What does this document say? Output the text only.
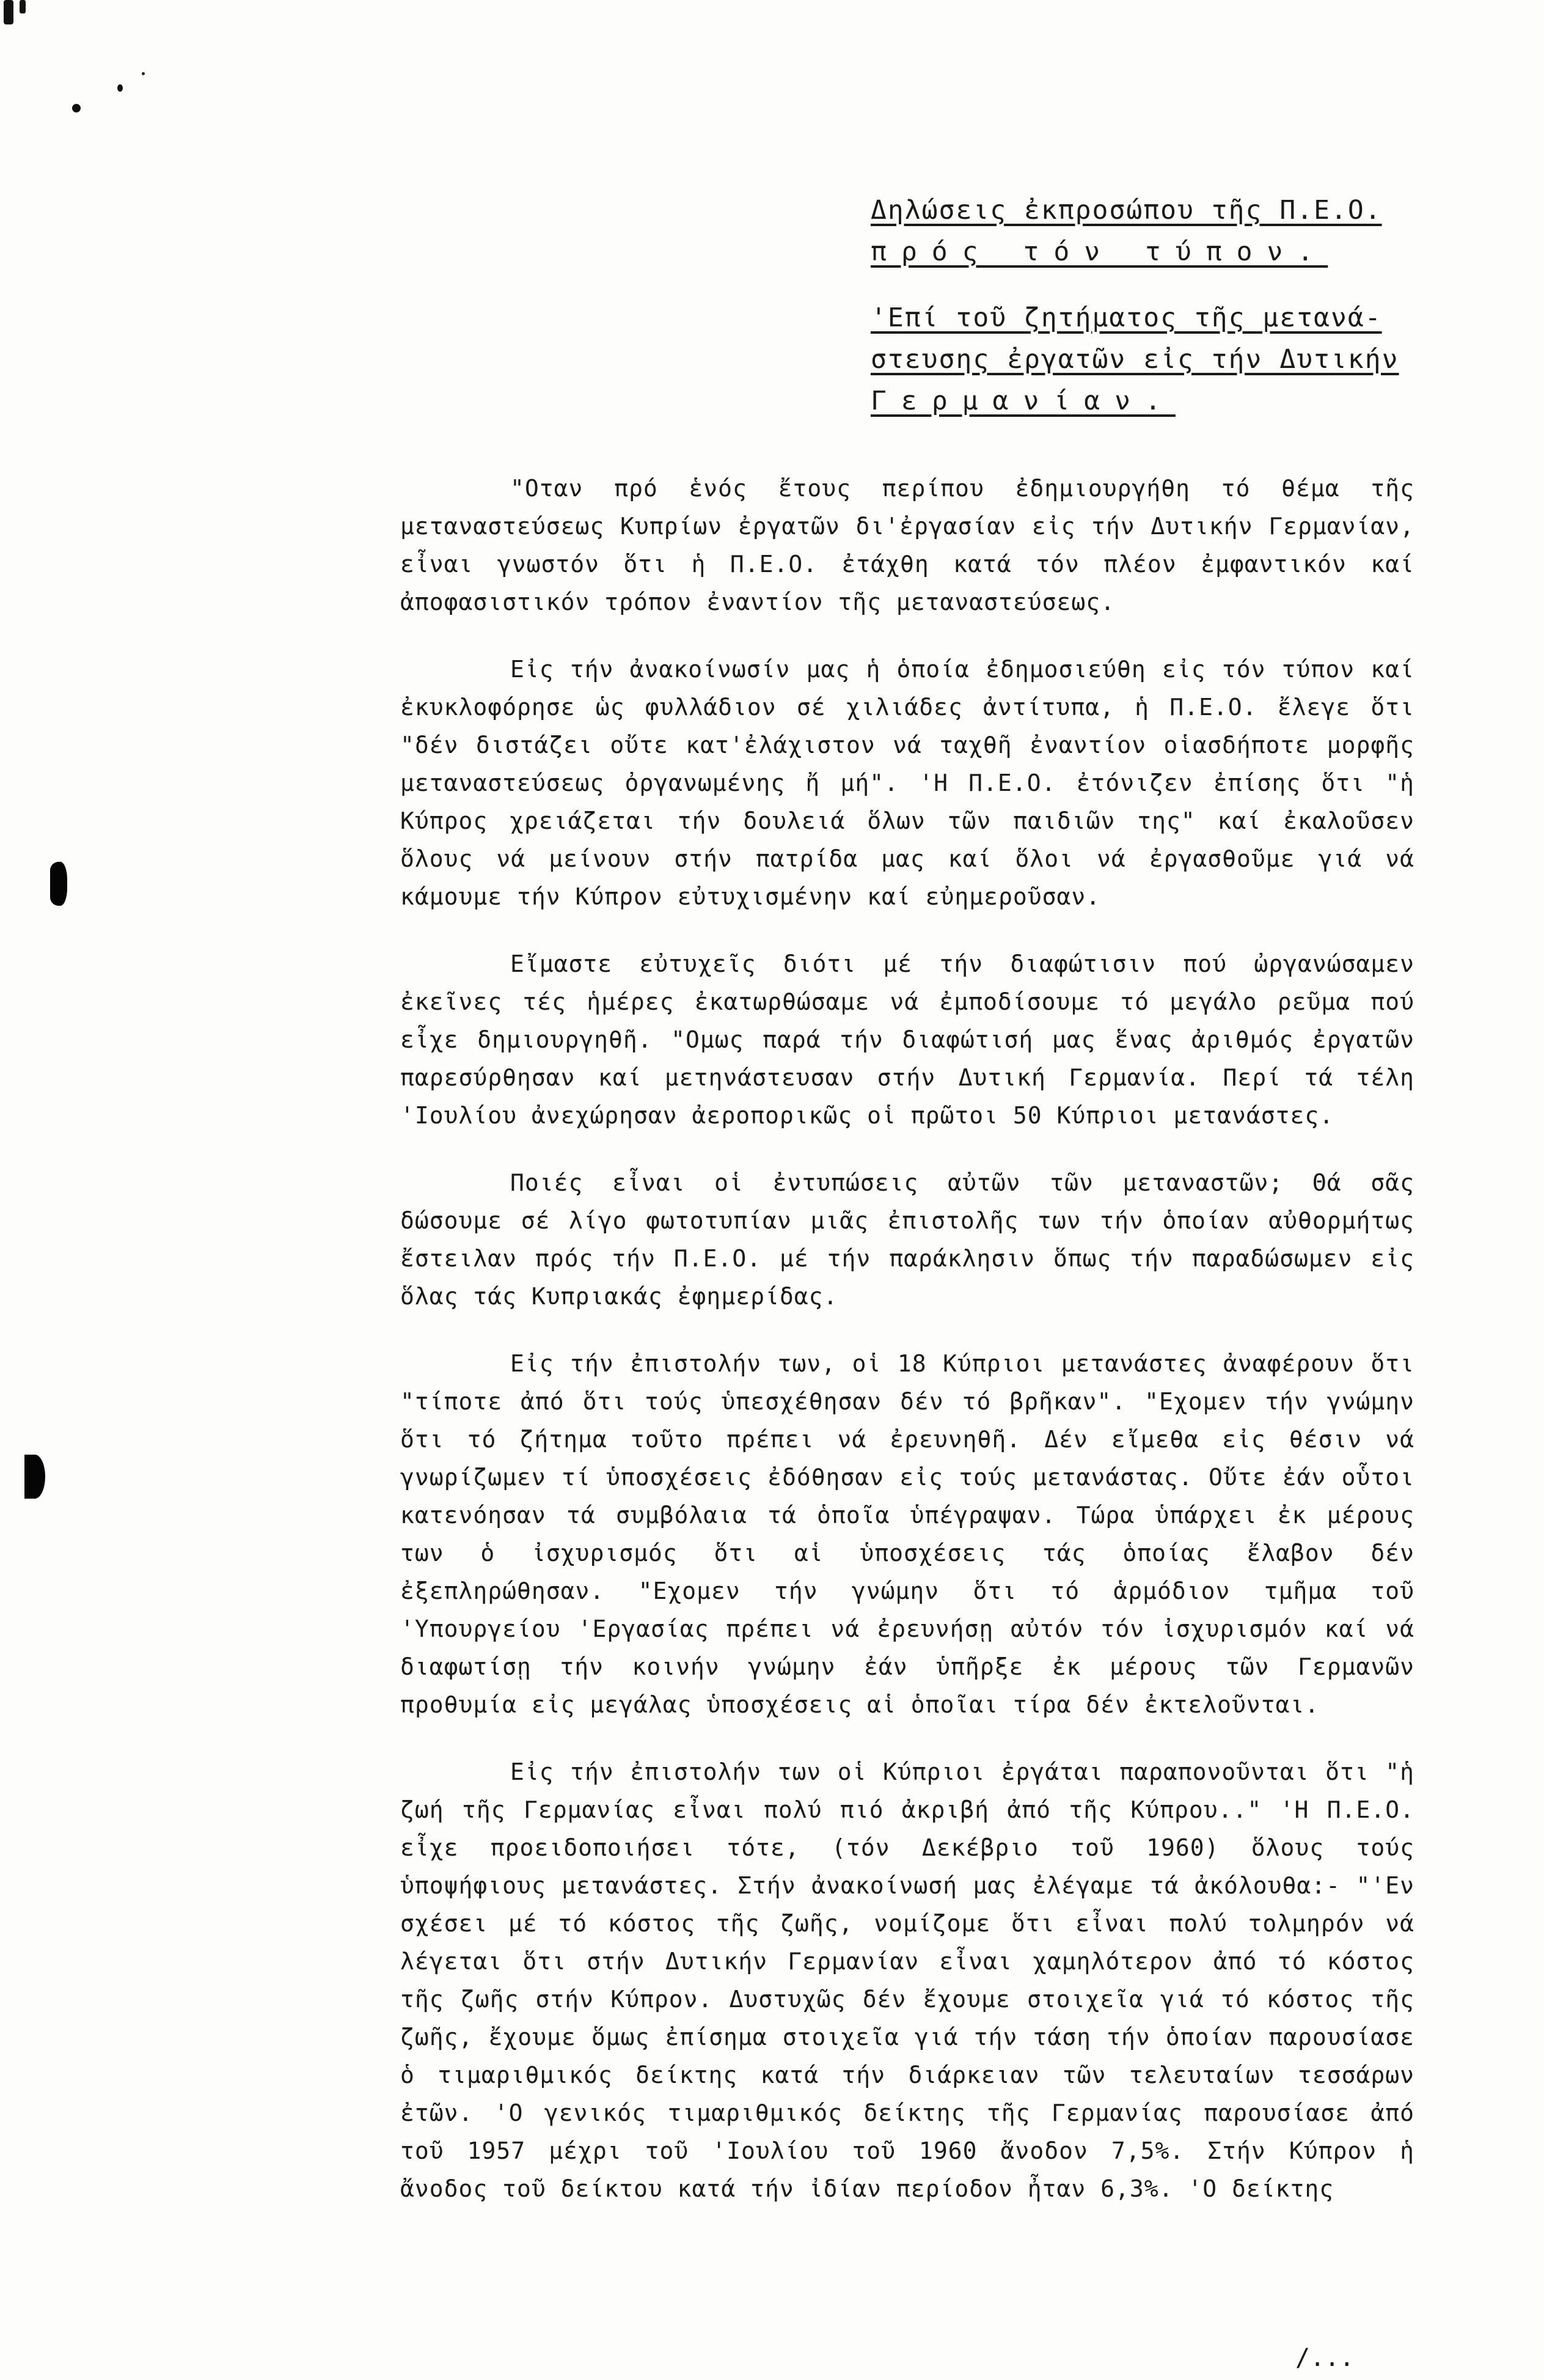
Δηλώσεις ἐκπροσώπου τῆς Π.Ε.Ο.
πρός τόν τύπον.
'Επί τοῦ ζητήματος τῆς μετανά-
στευσης ἐργατῶν εἰς τήν Δυτικήν
Γερμανίαν.

"Οταν πρό ἑνός ἔτους περίπου ἐδημιουργήθη τό θέμα τῆς μεταναστεύσεως Κυπρίων ἐργατῶν δι'ἐργασίαν εἰς τήν Δυτικήν Γερμανίαν, εἶναι γνωστόν ὅτι ἡ Π.Ε.Ο. ἐτάχθη κατά τόν πλέον ἐμφαντικόν καί ἀποφασιστικόν τρόπον ἐναντίον τῆς μεταναστεύσεως.

Εἰς τήν ἀνακοίνωσίν μας ἡ ὁποία ἐδημοσιεύθη εἰς τόν τύπον καί ἐκυκλοφόρησε ὡς φυλλάδιον σέ χιλιάδες ἀντίτυπα, ἡ Π.Ε.Ο. ἔλεγε ὅτι "δέν διστάζει οὔτε κατ'ἐλάχιστον νά ταχθῆ ἐναντίον οἱασδήποτε μορφῆς μεταναστεύσεως ὀργανωμένης ἤ μή". 'Η Π.Ε.Ο. ἐτόνιζεν ἐπίσης ὅτι "ἡ Κύπρος χρειάζεται τήν δουλειά ὅλων τῶν παιδιῶν της" καί ἐκαλοῦσεν ὅλους νά μείνουν στήν πατρίδα μας καί ὅλοι νά ἐργασθοῦμε γιά νά κάμουμε τήν Κύπρον εὐτυχισμένην καί εὐημεροῦσαν.

Εἴμαστε εὐτυχεῖς διότι μέ τήν διαφώτισιν πού ὠργανώσαμεν ἐκεῖνες τές ἡμέρες ἐκατωρθώσαμε νά ἐμποδίσουμε τό μεγάλο ρεῦμα πού εἶχε δημιουργηθῆ. "Ομως παρά τήν διαφώτισή μας ἕνας ἀριθμός ἐργατῶν παρεσύρθησαν καί μετηνάστευσαν στήν Δυτική Γερμανία. Περί τά τέλη 'Ιουλίου ἀνεχώρησαν ἀεροπορικῶς οἱ πρῶτοι 50 Κύπριοι μετανάστες.

Ποιές εἶναι οἱ ἐντυπώσεις αὐτῶν τῶν μεταναστῶν; Θά σᾶς δώσουμε σέ λίγο φωτοτυπίαν μιᾶς ἐπιστολῆς των τήν ὁποίαν αὐθορμήτως ἔστειλαν πρός τήν Π.Ε.Ο. μέ τήν παράκλησιν ὅπως τήν παραδώσωμεν εἰς ὅλας τάς Κυπριακάς ἐφημερίδας.

Εἰς τήν ἐπιστολήν των, οἱ 18 Κύπριοι μετανάστες ἀναφέρουν ὅτι "τίποτε ἀπό ὅτι τούς ὑπεσχέθησαν δέν τό βρῆκαν". "Εχομεν τήν γνώμην ὅτι τό ζήτημα τοῦτο πρέπει νά ἐρευνηθῆ. Δέν εἴμεθα εἰς θέσιν νά γνωρίζωμεν τί ὑποσχέσεις ἐδόθησαν εἰς τούς μετανάστας. Οὔτε ἐάν οὗτοι κατενόησαν τά συμβόλαια τά ὁποῖα ὑπέγραψαν. Τώρα ὑπάρχει ἐκ μέρους των ὁ ἰσχυρισμός ὅτι αἱ ὑποσχέσεις τάς ὁποίας ἔλαβον δέν ἐξεπληρώθησαν. "Εχομεν τήν γνώμην ὅτι τό ἁρμόδιον τμῆμα τοῦ 'Υπουργείου 'Εργασίας πρέπει νά ἐρευνήσῃ αὐτόν τόν ἰσχυρισμόν καί νά διαφωτίσῃ τήν κοινήν γνώμην ἐάν ὑπῆρξε ἐκ μέρους τῶν Γερμανῶν προθυμία εἰς μεγάλας ὑποσχέσεις αἱ ὁποῖαι τίρα δέν ἐκτελοῦνται.

Εἰς τήν ἐπιστολήν των οἱ Κύπριοι ἐργάται παραπονοῦνται ὅτι "ἡ ζωή τῆς Γερμανίας εἶναι πολύ πιό ἀκριβή ἀπό τῆς Κύπρου.." 'Η Π.Ε.Ο. εἶχε προειδοποιήσει τότε, (τόν Δεκέβριο τοῦ 1960) ὅλους τούς ὑποψήφιους μετανάστες. Στήν ἀνακοίνωσή μας ἐλέγαμε τά ἀκόλουθα:- "'Εν σχέσει μέ τό κόστος τῆς ζωῆς, νομίζομε ὅτι εἶναι πολύ τολμηρόν νά λέγεται ὅτι στήν Δυτικήν Γερμανίαν εἶναι χαμηλότερον ἀπό τό κόστος τῆς ζωῆς στήν Κύπρον. Δυστυχῶς δέν ἔχουμε στοιχεῖα γιά τό κόστος τῆς ζωῆς, ἔχουμε ὅμως ἐπίσημα στοιχεῖα γιά τήν τάση τήν ὁποίαν παρουσίασε ὁ τιμαριθμικός δείκτης κατά τήν διάρκειαν τῶν τελευταίων τεσσάρων ἐτῶν. 'Ο γενικός τιμαριθμικός δείκτης τῆς Γερμανίας παρουσίασε ἀπό τοῦ 1957 μέχρι τοῦ 'Ιουλίου τοῦ 1960 ἄνοδον 7,5%. Στήν Κύπρον ἡ ἄνοδος τοῦ δείκτου κατά τήν ἰδίαν περίοδον ἦταν 6,3%. 'Ο δείκτης

/...
